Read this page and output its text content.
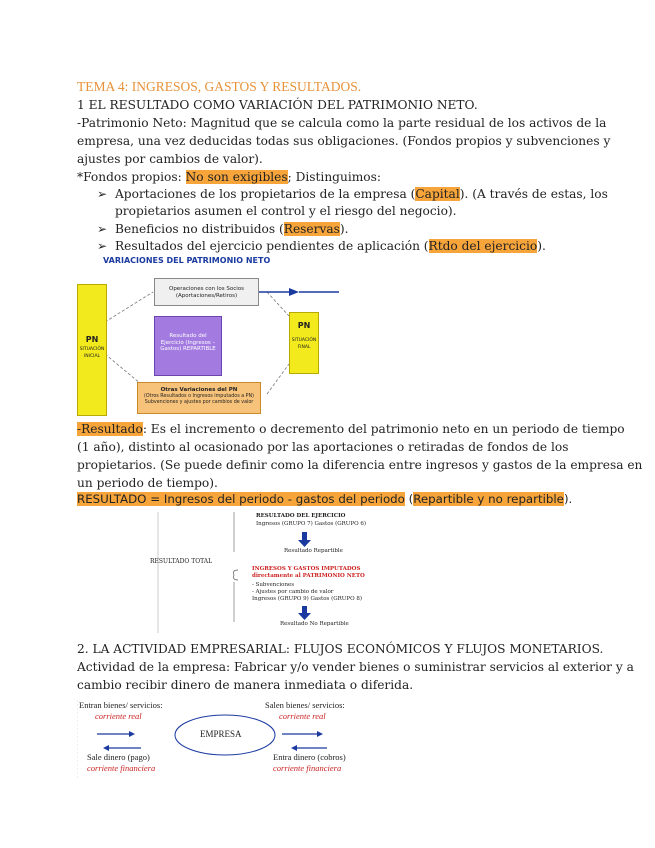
TEMA 4: INGRESOS, GASTOS Y RESULTADOS.
1 EL RESULTADO COMO VARIACIÓN DEL PATRIMONIO NETO.
-Patrimonio Neto: Magnitud que se calcula como la parte residual de los activos de la
empresa, una vez deducidas todas sus obligaciones. (Fondos propios y subvenciones y
ajustes por cambios de valor).
*Fondos propios: No son exigibles; Distinguimos:
➢ Aportaciones de los propietarios de la empresa (Capital). (A través de estas, los
propietarios asumen el control y el riesgo del negocio).
➢ Beneficios no distribuidos (Reservas).
➢ Resultados del ejercicio pendientes de aplicación (Rtdo del ejercicio).
VARIACIONES DEL PATRIMONIO NETO
PN
SITUACIÓN INICIAL
Operaciones con los Socios (Aportaciones/Retiros)
Resultado del Ejercicio (Ingresos – Gastos) REPARTIBLE
PN
SITUACIÓN FINAL
Otras Variaciones del PN
(Otros Resultados o Ingresos imputados a PN) Subvenciones y ajustes por cambios de valor
-Resultado: Es el incremento o decremento del patrimonio neto en un periodo de tiempo
(1 año), distinto al ocasionado por las aportaciones o retiradas de fondos de los
propietarios. (Se puede definir como la diferencia entre ingresos y gastos de la empresa en
un periodo de tiempo).
RESULTADO = Ingresos del periodo - gastos del periodo (Repartible y no repartible).
RESULTADO TOTAL
RESULTADO DEL EJERCICIO
Ingresos (GRUPO 7) Gastos (GRUPO 6)
Resultado Repartible
INGRESOS Y GASTOS IMPUTADOS
directamente al PATRIMONIO NETO
- Subvenciones
- Ajustes por cambio de valor
Ingresos (GRUPO 9) Gastos (GRUPO 8)
Resultado No Repartible
2. LA ACTIVIDAD EMPRESARIAL: FLUJOS ECONÓMICOS Y FLUJOS MONETARIOS.
Actividad de la empresa: Fabricar y/o vender bienes o suministrar servicios al exterior y a
cambio recibir dinero de manera inmediata o diferida.
Entran bienes/ servicios:
corriente real
Salen bienes/ servicios:
corriente real
EMPRESA
Sale dinero (pago)
corriente financiera
Entra dinero (cobros)
corriente financiera
